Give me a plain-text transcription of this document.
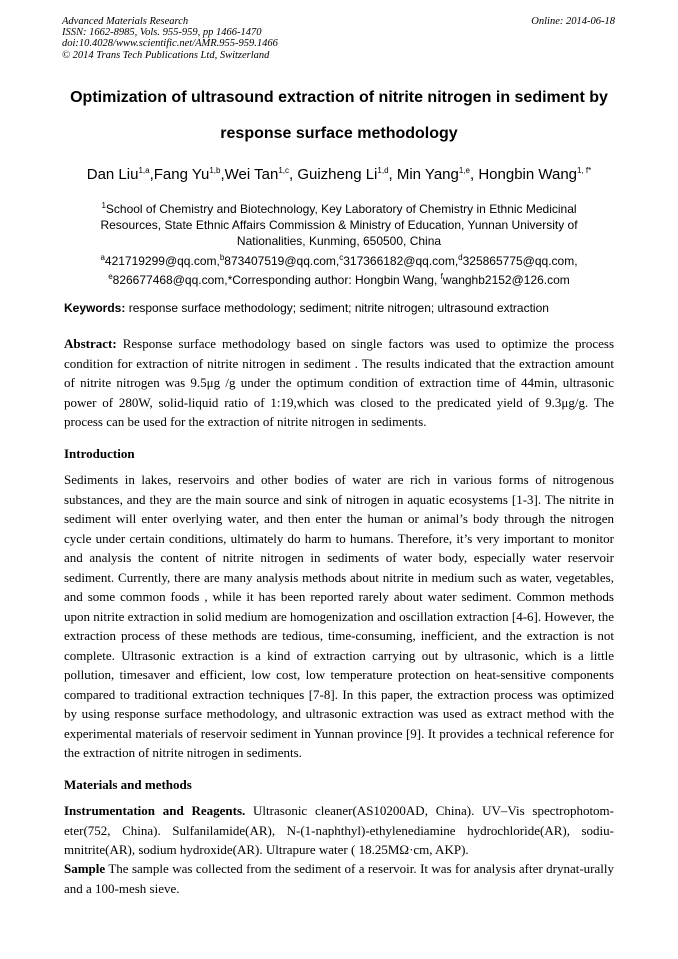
Advanced Materials Research
ISSN: 1662-8985, Vols. 955-959, pp 1466-1470
doi:10.4028/www.scientific.net/AMR.955-959.1466
© 2014 Trans Tech Publications Ltd, Switzerland
Online: 2014-06-18
Optimization of ultrasound extraction of nitrite nitrogen in sediment by
response surface methodology
Dan Liu$^{1,a}$,Fang Yu$^{1,b}$,Wei Tan$^{1,c}$, Guizheng Li$^{1,d}$, Min Yang$^{1,e}$, Hongbin Wang$^{1, f*}$
$^1$School of Chemistry and Biotechnology, Key Laboratory of Chemistry in Ethnic Medicinal
Resources, State Ethnic Affairs Commission & Ministry of Education, Yunnan University of
Nationalities, Kunming, 650500, China
$^a$421719299@qq.com,$^b$873407519@qq.com,$^c$317366182@qq.com,$^d$325865775@qq.com,
$^e$826677468@qq.com,*Corresponding author: Hongbin Wang, $^f$wanghb2152@126.com
Keywords: response surface methodology; sediment; nitrite nitrogen; ultrasound extraction
Abstract: Response surface methodology based on single factors was used to optimize the process condition for extraction of nitrite nitrogen in sediment . The results indicated that the extraction amount of nitrite nitrogen was 9.5μg /g under the optimum condition of extraction time of 44min, ultrasonic power of 280W, solid-liquid ratio of 1:19,which was closed to the predicated yield of 9.3μg/g. The process can be used for the extraction of nitrite nitrogen in sediments.
Introduction
Sediments in lakes, reservoirs and other bodies of water are rich in various forms of nitrogenous substances, and they are the main source and sink of nitrogen in aquatic ecosystems [1-3]. The nitrite in sediment will enter overlying water, and then enter the human or animal’s body through the nitrogen cycle under certain conditions, ultimately do harm to humans. Therefore, it’s very important to monitor and analysis the content of nitrite nitrogen in sediments of water body, especially water reservoir sediment. Currently, there are many analysis methods about nitrite in medium such as water, vegetables, and some common foods , while it has been reported rarely about water sediment. Common methods upon nitrite extraction in solid medium are homogenization and oscillation extraction [4-6]. However, the extraction process of these methods are tedious, time-consuming, inefficient, and the extraction is not complete. Ultrasonic extraction is a kind of extraction carrying out by ultrasonic, which is a little pollution, timesaver and efficient, low cost, low temperature protection on heat-sensitive components compared to traditional extraction techniques [7-8]. In this paper, the extraction process was optimized by using response surface methodology, and ultrasonic extraction was used as extract method with the experimental materials of reservoir sediment in Yunnan province [9]. It provides a technical reference for the extraction of nitrite nitrogen in sediments.
Materials and methods
Instrumentation and Reagents. Ultrasonic cleaner(AS10200AD, China). UV–Vis spectrophotom-eter(752, China). Sulfanilamide(AR), N-(1-naphthyl)-ethylenediamine hydrochloride(AR), sodiu-mnitrite(AR), sodium hydroxide(AR). Ultrapure water ( 18.25MΩ·cm, AKP).
Sample The sample was collected from the sediment of a reservoir. It was for analysis after drynat-urally and a 100-mesh sieve.
